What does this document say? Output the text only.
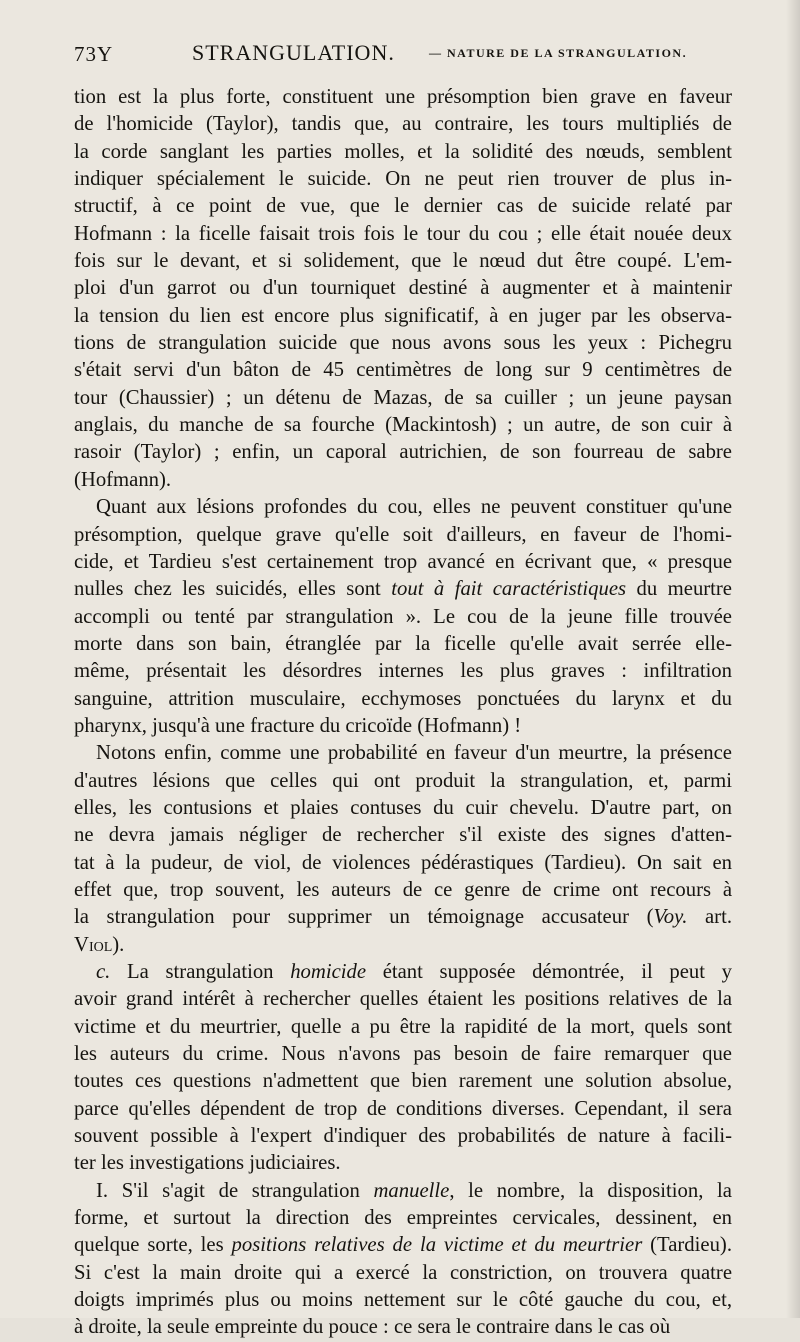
73Y	STRANGULATION.	— NATURE DE LA STRANGULATION.
tion est la plus forte, constituent une présomption bien grave en faveur
de l'homicide (Taylor), tandis que, au contraire, les tours multipliés de
la corde sanglant les parties molles, et la solidité des nœuds, semblent
indiquer spécialement le suicide. On ne peut rien trouver de plus in-
structif, à ce point de vue, que le dernier cas de suicide relaté par
Hofmann : la ficelle faisait trois fois le tour du cou ; elle était nouée deux
fois sur le devant, et si solidement, que le nœud dut être coupé. L'em-
ploi d'un garrot ou d'un tourniquet destiné à augmenter et à maintenir
la tension du lien est encore plus significatif, à en juger par les observa-
tions de strangulation suicide que nous avons sous les yeux : Pichegru
s'était servi d'un bâton de 45 centimètres de long sur 9 centimètres de
tour (Chaussier) ; un détenu de Mazas, de sa cuiller ; un jeune paysan
anglais, du manche de sa fourche (Mackintosh) ; un autre, de son cuir à
rasoir (Taylor) ; enfin, un caporal autrichien, de son fourreau de sabre
(Hofmann).
Quant aux lésions profondes du cou, elles ne peuvent constituer qu'une
présomption, quelque grave qu'elle soit d'ailleurs, en faveur de l'homi-
cide, et Tardieu s'est certainement trop avancé en écrivant que, « presque
nulles chez les suicidés, elles sont tout à fait caractéristiques du meurtre
accompli ou tenté par strangulation ». Le cou de la jeune fille trouvée
morte dans son bain, étranglée par la ficelle qu'elle avait serrée elle-
même, présentait les désordres internes les plus graves : infiltration
sanguine, attrition musculaire, ecchymoses ponctuées du larynx et du
pharynx, jusqu'à une fracture du cricoïde (Hofmann) !
Notons enfin, comme une probabilité en faveur d'un meurtre, la présence
d'autres lésions que celles qui ont produit la strangulation, et, parmi
elles, les contusions et plaies contuses du cuir chevelu. D'autre part, on
ne devra jamais négliger de rechercher s'il existe des signes d'atten-
tat à la pudeur, de viol, de violences pédérastiques (Tardieu). On sait en
effet que, trop souvent, les auteurs de ce genre de crime ont recours à
la strangulation pour supprimer un témoignage accusateur (Voy. art.
Viol).
c. La strangulation homicide étant supposée démontrée, il peut y
avoir grand intérêt à rechercher quelles étaient les positions relatives de la
victime et du meurtrier, quelle a pu être la rapidité de la mort, quels sont
les auteurs du crime. Nous n'avons pas besoin de faire remarquer que
toutes ces questions n'admettent que bien rarement une solution absolue,
parce qu'elles dépendent de trop de conditions diverses. Cependant, il sera
souvent possible à l'expert d'indiquer des probabilités de nature à facili-
ter les investigations judiciaires.
I. S'il s'agit de strangulation manuelle, le nombre, la disposition, la
forme, et surtout la direction des empreintes cervicales, dessinent, en
quelque sorte, les positions relatives de la victime et du meurtrier (Tardieu).
Si c'est la main droite qui a exercé la constriction, on trouvera quatre
doigts imprimés plus ou moins nettement sur le côté gauche du cou, et,
à droite, la seule empreinte du pouce : ce sera le contraire dans le cas où
